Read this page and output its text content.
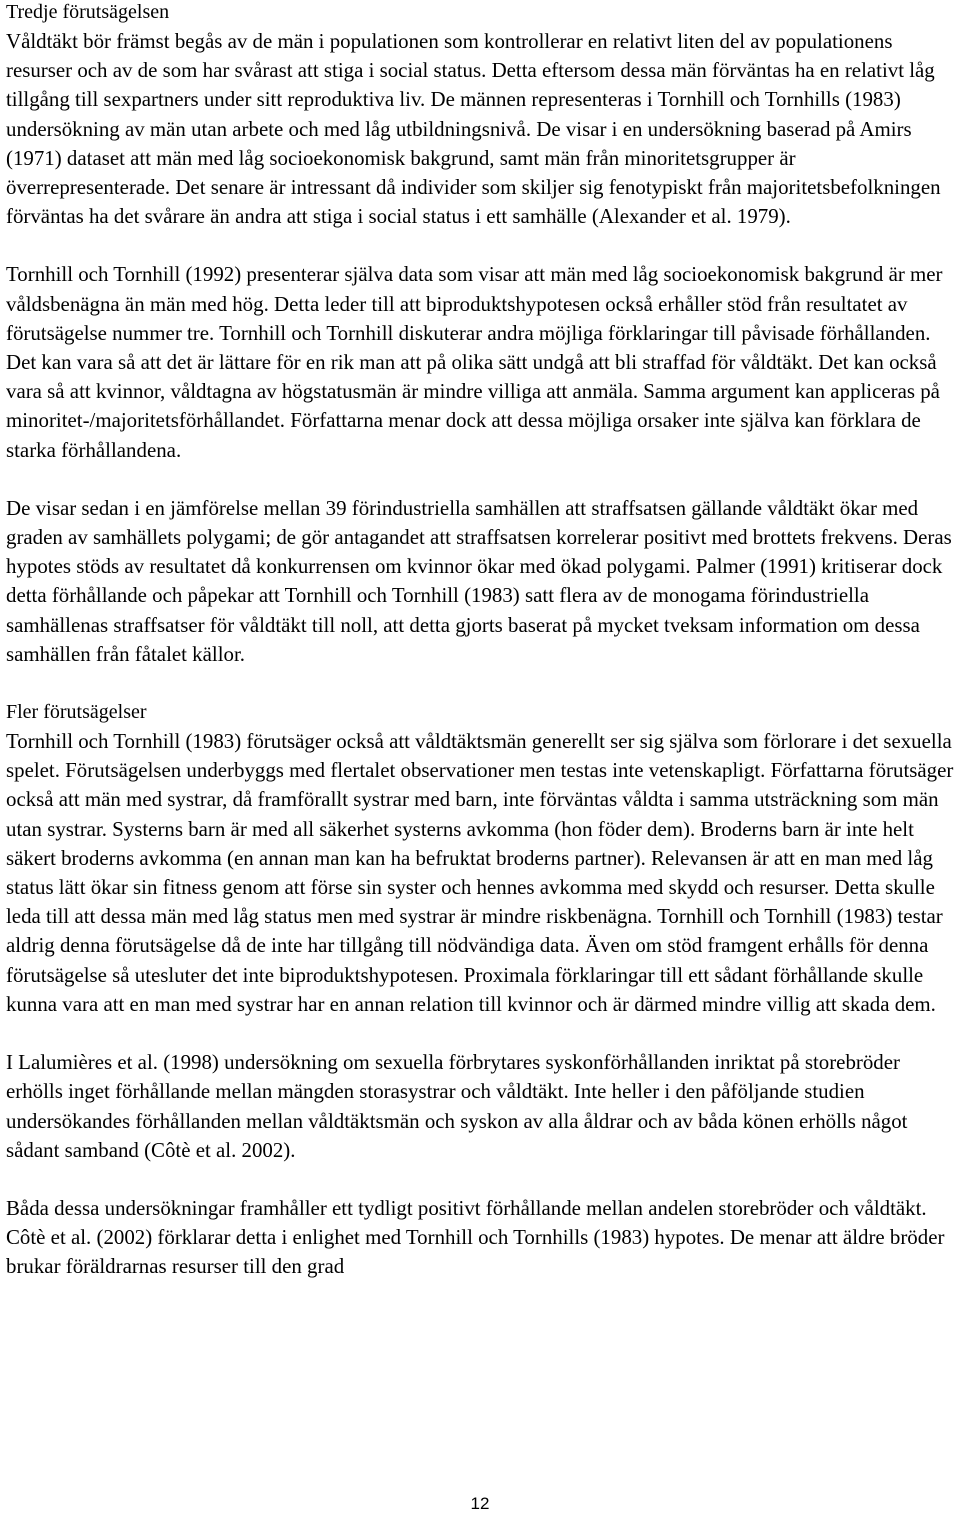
Tredje förutsägelsen

Våldtäkt bör främst begås av de män i populationen som kontrollerar en relativt liten del av populationens resurser och av de som har svårast att stiga i social status. Detta eftersom dessa män förväntas ha en relativt låg tillgång till sexpartners under sitt reproduktiva liv. De männen representeras i Tornhill och Tornhills (1983) undersökning av män utan arbete och med låg utbildningsnivå. De visar i en undersökning baserad på Amirs (1971) dataset att män med låg socioekonomisk bakgrund, samt män från minoritetsgrupper är överrepresenterade. Det senare är intressant då individer som skiljer sig fenotypiskt från majoritetsbefolkningen förväntas ha det svårare än andra att stiga i social status i ett samhälle (Alexander et al. 1979).

Tornhill och Tornhill (1992) presenterar själva data som visar att män med låg socioekonomisk bakgrund är mer våldsbenägna än män med hög. Detta leder till att biproduktshypotesen också erhåller stöd från resultatet av förutsägelse nummer tre. Tornhill och Tornhill diskuterar andra möjliga förklaringar till påvisade förhållanden. Det kan vara så att det är lättare för en rik man att på olika sätt undgå att bli straffad för våldtäkt. Det kan också vara så att kvinnor, våldtagna av högstatusmän är mindre villiga att anmäla. Samma argument kan appliceras på minoritet-/majoritetsförhållandet. Författarna menar dock att dessa möjliga orsaker inte själva kan förklara de starka förhållandena.

De visar sedan i en jämförelse mellan 39 förindustriella samhällen att straffsatsen gällande våldtäkt ökar med graden av samhällets polygami; de gör antagandet att straffsatsen korrelerar positivt med brottets frekvens. Deras hypotes stöds av resultatet då konkurrensen om kvinnor ökar med ökad polygami. Palmer (1991) kritiserar dock detta förhållande och påpekar att Tornhill och Tornhill (1983) satt flera av de monogama förindustriella samhällenas straffsatser för våldtäkt till noll, att detta gjorts baserat på mycket tveksam information om dessa samhällen från fåtalet källor.

Fler förutsägelser

Tornhill och Tornhill (1983) förutsäger också att våldtäktsmän generellt ser sig själva som förlorare i det sexuella spelet. Förutsägelsen underbyggs med flertalet observationer men testas inte vetenskapligt. Författarna förutsäger också att män med systrar, då framförallt systrar med barn, inte förväntas våldta i samma utsträckning som män utan systrar. Systerns barn är med all säkerhet systerns avkomma (hon föder dem). Broderns barn är inte helt säkert broderns avkomma (en annan man kan ha befruktat broderns partner). Relevansen är att en man med låg status lätt ökar sin fitness genom att förse sin syster och hennes avkomma med skydd och resurser. Detta skulle leda till att dessa män med låg status men med systrar är mindre riskbenägna. Tornhill och Tornhill (1983) testar aldrig denna förutsägelse då de inte har tillgång till nödvändiga data. Även om stöd framgent erhålls för denna förutsägelse så utesluter det inte biproduktshypotesen. Proximala förklaringar till ett sådant förhållande skulle kunna vara att en man med systrar har en annan relation till kvinnor och är därmed mindre villig att skada dem.

I Lalumières et al. (1998) undersökning om sexuella förbrytares syskonförhållanden inriktat på storebröder erhölls inget förhållande mellan mängden storasystrar och våldtäkt. Inte heller i den påföljande studien undersökandes förhållanden mellan våldtäktsmän och syskon av alla åldrar och av båda könen erhölls något sådant samband (Côtè et al. 2002).

Båda dessa undersökningar framhåller ett tydligt positivt förhållande mellan andelen storebröder och våldtäkt. Côtè et al. (2002) förklarar detta i enlighet med Tornhill och Tornhills (1983) hypotes. De menar att äldre bröder brukar föräldrarnas resurser till den grad

12
